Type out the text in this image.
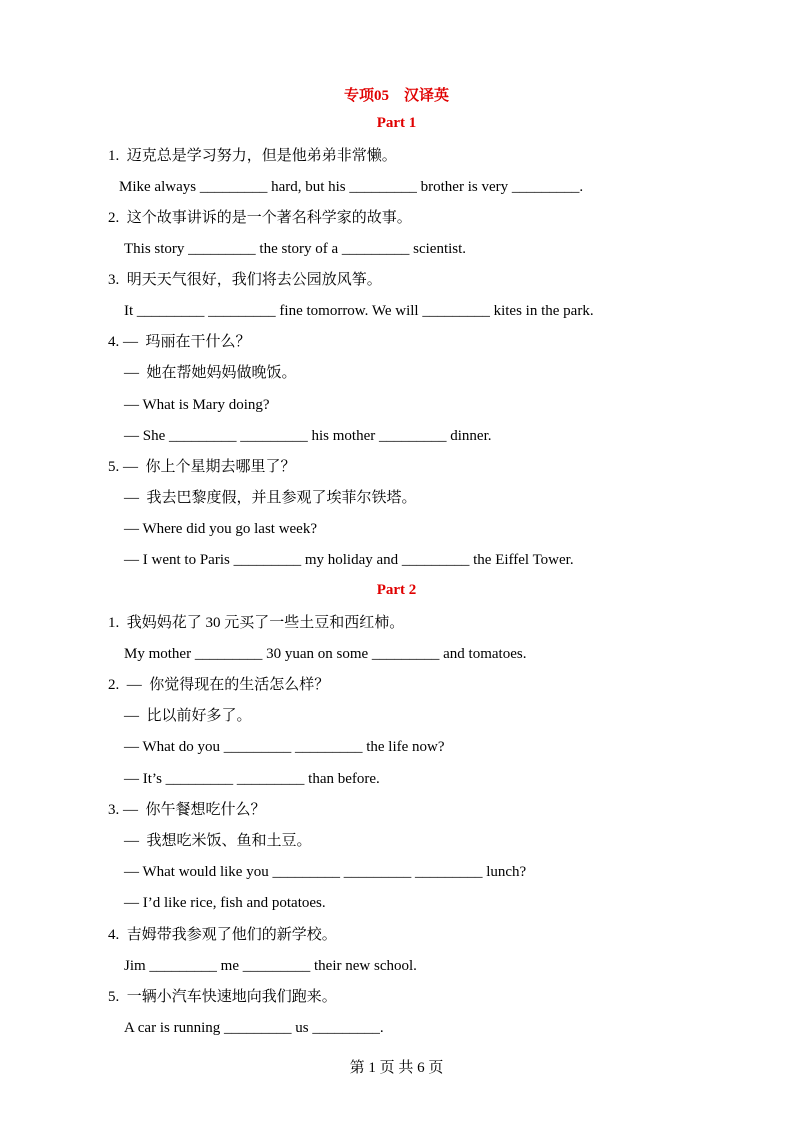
专项05　汉译英
Part 1
1.  迈克总是学习努力，但是他弟弟非常懒。
Mike always _________ hard, but his _________ brother is very _________.
2.  这个故事讲诉的是一个著名科学家的故事。
This story _________ the story of a _________ scientist.
3.  明天天气很好，我们将去公园放风筝。
It _________ _________ fine tomorrow. We will _________ kites in the park.
4. —  玛丽在干什么？
—  她在帮她妈妈做晚饭。
— What is Mary doing?
— She _________ _________ his mother _________ dinner.
5. —  你上个星期去哪里了？
—  我去巴黎度假，并且参观了埃菲尔铁塔。
— Where did you go last week?
— I went to Paris _________ my holiday and _________ the Eiffel Tower.
Part 2
1.  我妈妈花了 30 元买了一些土豆和西红柿。
My mother _________ 30 yuan on some _________ and tomatoes.
2.  —  你觉得现在的生活怎么样？
—  比以前好多了。
— What do you _________ _________ the life now?
— It’s _________ _________ than before.
3. —  你午餐想吃什么？
—  我想吃米饭、鱼和土豆。
— What would like you _________ _________ _________ lunch?
— I’d like rice, fish and potatoes.
4.  吉姆带我参观了他们的新学校。
Jim _________ me _________ their new school.
5.  一辆小汽车快速地向我们跑来。
A car is running _________ us _________.
第 1 页 共 6 页
